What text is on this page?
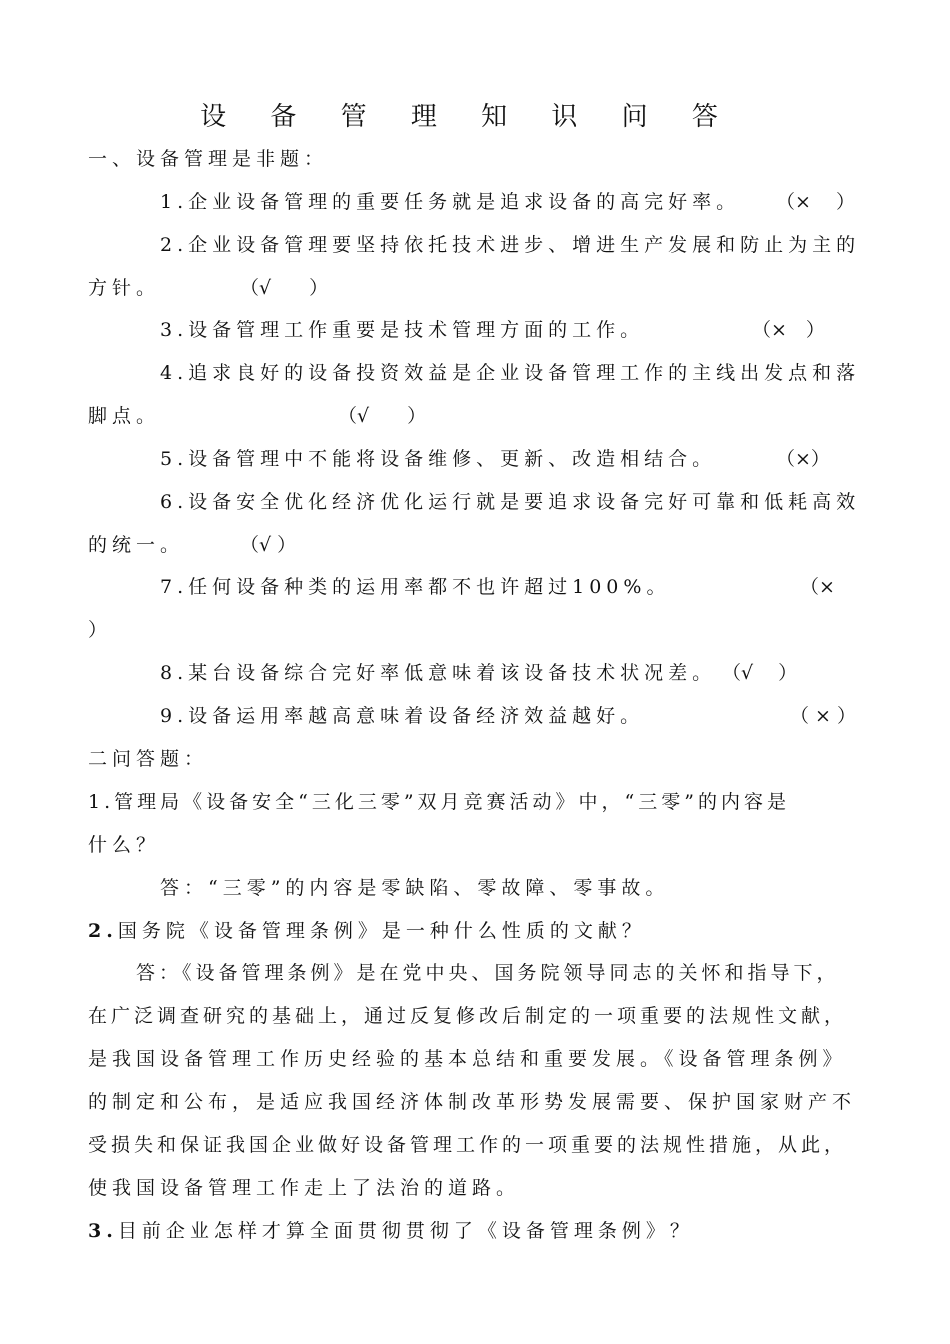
设 备 管 理 知 识 问 答
一、设备管理是非题：
1.企业设备管理的重要任务就是追求设备的高完好率。 （×　 ）
2.企业设备管理要坚持依托技术进步、增进生产发展和防止为主的
方针。	（√　　）
3.设备管理工作重要是技术管理方面的工作。	（×　）
4.追求良好的设备投资效益是企业设备管理工作的主线出发点和落
脚点。	（√　　）
5.设备管理中不能将设备维修、更新、改造相结合。	（×）
6.设备安全优化经济优化运行就是要追求设备完好可靠和低耗高效
的统一。	（√ ）
7.任何设备种类的运用率都不也许超过100%。	（×
）
8.某台设备综合完好率低意味着该设备技术状况差。 （√　 ）
9.设备运用率越高意味着设备经济效益越好。	（ × ）
二问答题：
1.管理局《设备安全“三化三零”双月竞赛活动》中，“三零”的内容是
什么？
答：“三零”的内容是零缺陷、零故障、零事故。
2.国务院《设备管理条例》是一种什么性质的文献？
答：《设备管理条例》是在党中央、国务院领导同志的关怀和指导下，
在广泛调查研究的基础上，通过反复修改后制定的一项重要的法规性文献，
是我国设备管理工作历史经验的基本总结和重要发展。《设备管理条例》
的制定和公布，是适应我国经济体制改革形势发展需要、保护国家财产不
受损失和保证我国企业做好设备管理工作的一项重要的法规性措施，从此，
使我国设备管理工作走上了法治的道路。
3.目前企业怎样才算全面贯彻贯彻了《设备管理条例》？
